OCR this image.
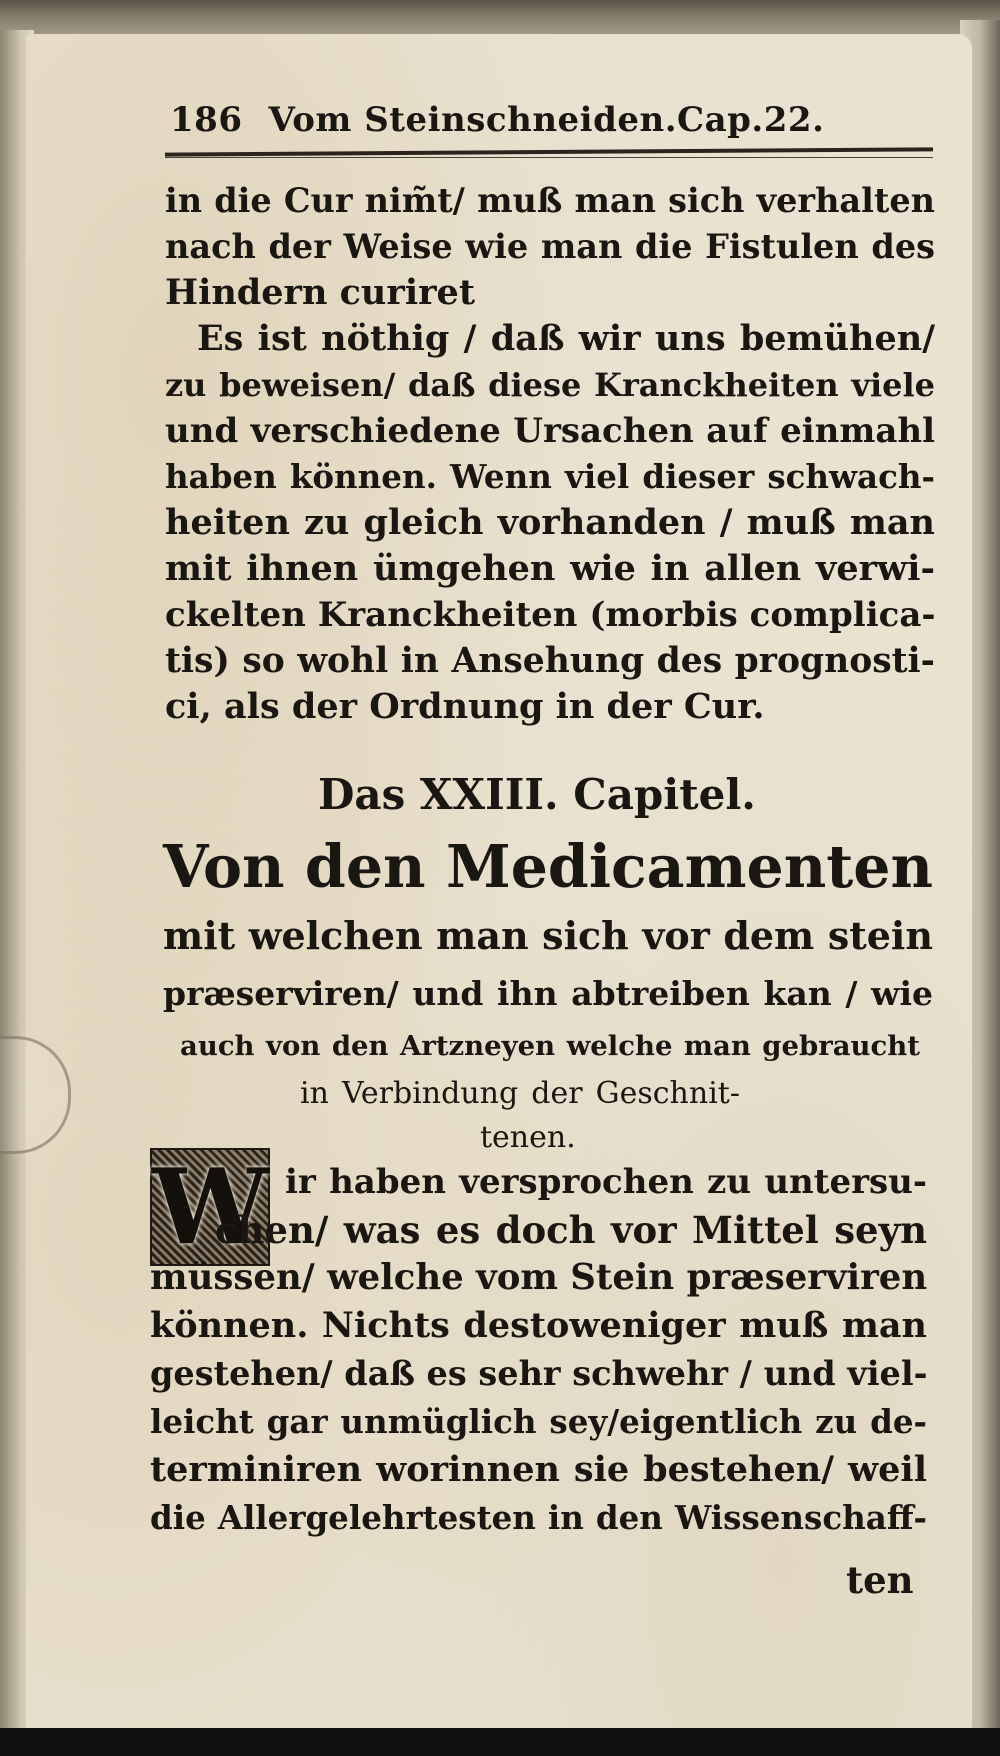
186 Vom Steinschneiden.Cap.22.
in die Cur nim̃t/ muß man sich verhalten
nach der Weise wie man die Fistulen des
Hindern curiret
Es ist nöthig / daß wir uns bemühen/
zu beweisen/ daß diese Kranckheiten viele
und verschiedene Ursachen auf einmahl
haben können. Wenn viel dieser schwach-
heiten zu gleich vorhanden / muß man
mit ihnen ümgehen wie in allen verwi-
ckelten Kranckheiten (morbis complica-
tis) so wohl in Ansehung des prognosti-
ci, als der Ordnung in der Cur.
Das XXIII. Capitel.
Von den Medicamenten
mit welchen man sich vor dem stein
præserviren/ und ihn abtreiben kan / wie
auch von den Artzneyen welche man gebraucht
in Verbindung der Geschnit-
tenen.
W ir haben versprochen zu untersu-
chen/ was es doch vor Mittel seyn
müssen/ welche vom Stein præserviren
können. Nichts destoweniger muß man
gestehen/ daß es sehr schwehr / und viel-
leicht gar unmüglich sey/eigentlich zu de-
terminiren worinnen sie bestehen/ weil
die Allergelehrtesten in den Wissenschaff-
ten
